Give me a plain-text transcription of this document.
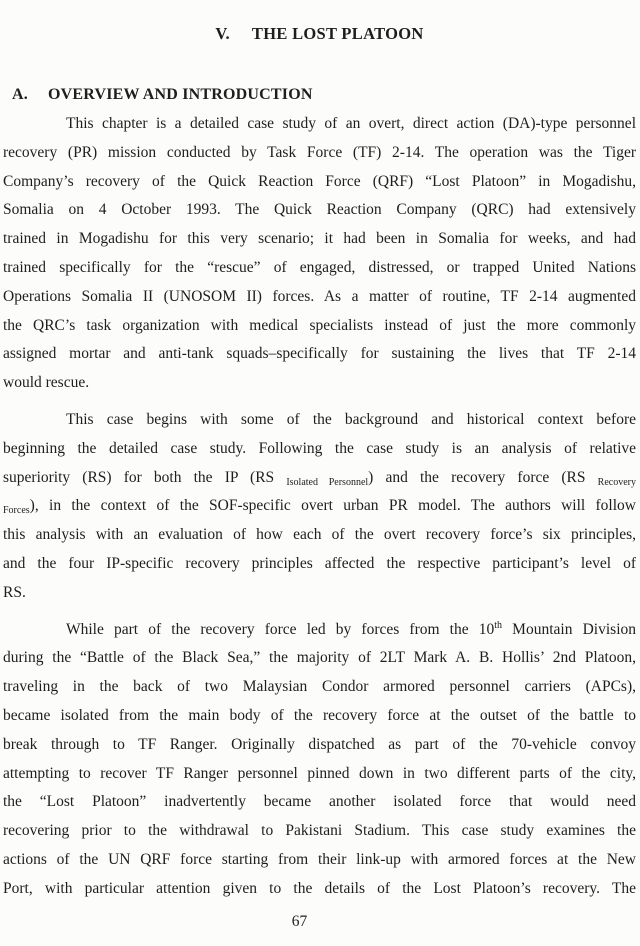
V. THE LOST PLATOON
A.	OVERVIEW AND INTRODUCTION
This chapter is a detailed case study of an overt, direct action (DA)-type personnel
recovery (PR) mission conducted by Task Force (TF) 2-14. The operation was the Tiger
Company’s recovery of the Quick Reaction Force (QRF) “Lost Platoon” in Mogadishu,
Somalia on 4 October 1993. The Quick Reaction Company (QRC) had extensively
trained in Mogadishu for this very scenario; it had been in Somalia for weeks, and had
trained specifically for the “rescue” of engaged, distressed, or trapped United Nations
Operations Somalia II (UNOSOM II) forces. As a matter of routine, TF 2-14 augmented
the QRC’s task organization with medical specialists instead of just the more commonly
assigned mortar and anti-tank squads–specifically for sustaining the lives that TF 2-14
would rescue.
This case begins with some of the background and historical context before
beginning the detailed case study. Following the case study is an analysis of relative
superiority (RS) for both the IP (RS $_{Isolated Personnel}$) and the recovery force (RS $_{Recovery}$
$_{Forces}$), in the context of the SOF-specific overt urban PR model. The authors will follow
this analysis with an evaluation of how each of the overt recovery force’s six principles,
and the four IP-specific recovery principles affected the respective participant’s level of
RS.
While part of the recovery force led by forces from the 10th Mountain Division
during the “Battle of the Black Sea,” the majority of 2LT Mark A. B. Hollis’ 2nd Platoon,
traveling in the back of two Malaysian Condor armored personnel carriers (APCs),
became isolated from the main body of the recovery force at the outset of the battle to
break through to TF Ranger. Originally dispatched as part of the 70-vehicle convoy
attempting to recover TF Ranger personnel pinned down in two different parts of the city,
the “Lost Platoon” inadvertently became another isolated force that would need
recovering prior to the withdrawal to Pakistani Stadium. This case study examines the
actions of the UN QRF force starting from their link-up with armored forces at the New
Port, with particular attention given to the details of the Lost Platoon’s recovery. The
67
